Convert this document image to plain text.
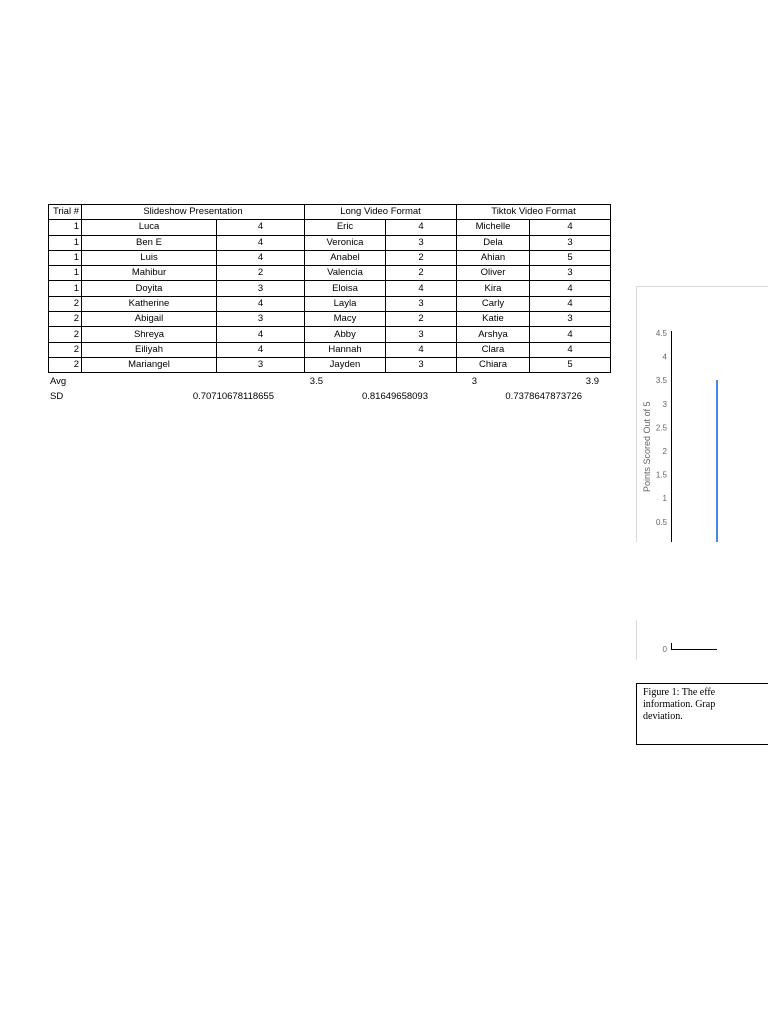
Trial #	Slideshow Presentation		Long Video Format		Tiktok Video Format	
1	Luca	4	Eric	4	Michelle	4
1	Ben E	4	Veronica	3	Dela	3
1	Luis	4	Anabel	2	Ahian	5
1	Mahibur	2	Valencia	2	Oliver	3
1	Doyita	3	Eloisa	4	Kira	4
2	Katherine	4	Layla	3	Carly	4
2	Abigail	3	Macy	2	Katie	3
2	Shreya	4	Abby	3	Arshya	4
2	Eiliyah	4	Hannah	4	Clara	4
2	Mariangel	3	Jayden	3	Chiara	5
Avg	3.5	3	3.9
SD	0.70710678118655	0.81649658093	0.7378647873726
Points Scored Out of 5
4.5
4
3.5
3
2.5
2
1.5
1
0.5
0
Figure 1: The effe
information. Grap
deviation.
